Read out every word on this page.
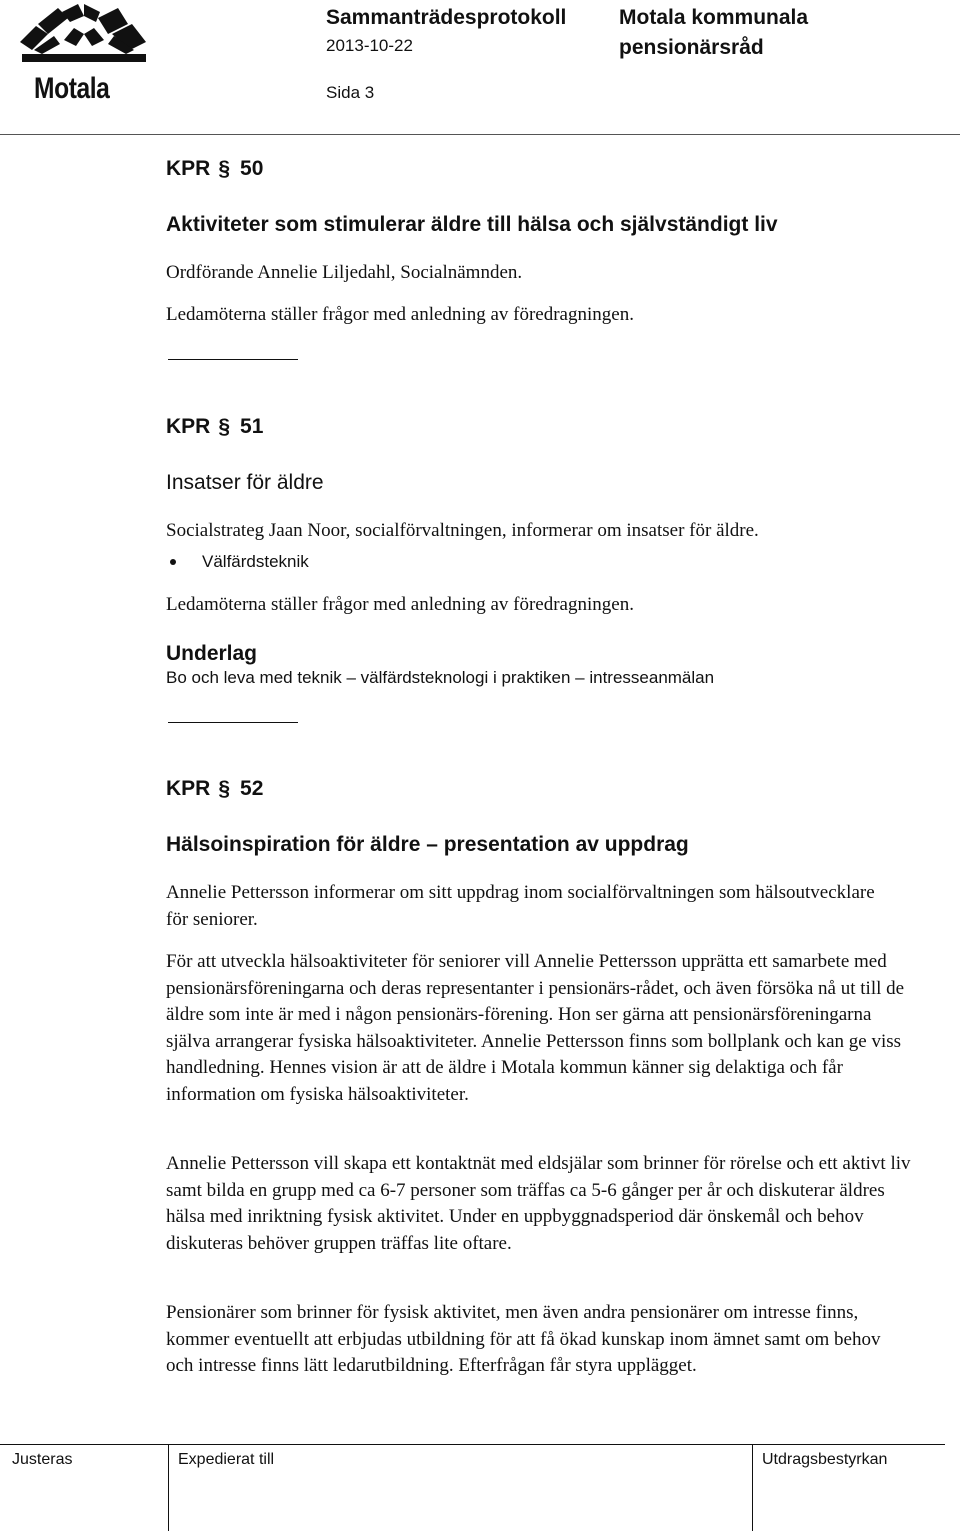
Motala
Sammanträdesprotokoll
2013-10-22
Sida 3
Motala kommunala
pensionärsråd
KPR § 50
Aktiviteter som stimulerar äldre till hälsa och självständigt liv
Ordförande Annelie Liljedahl, Socialnämnden.
Ledamöterna ställer frågor med anledning av föredragningen.
KPR § 51
Insatser för äldre
Socialstrateg Jaan Noor, socialförvaltningen, informerar om insatser för äldre.
Välfärdsteknik
Ledamöterna ställer frågor med anledning av föredragningen.
Underlag
Bo och leva med teknik – välfärdsteknologi i praktiken – intresseanmälan
KPR § 52
Hälsoinspiration för äldre – presentation av uppdrag
Annelie Pettersson informerar om sitt uppdrag inom socialförvaltningen som hälsoutvecklare för seniorer.
För att utveckla hälsoaktiviteter för seniorer vill Annelie Pettersson upprätta ett samarbete med pensionärsföreningarna och deras representanter i pensionärs-rådet, och även försöka nå ut till de äldre som inte är med i någon pensionärs-förening. Hon ser gärna att pensionärsföreningarna själva arrangerar fysiska hälsoaktiviteter. Annelie Pettersson finns som bollplank och kan ge viss handledning. Hennes vision är att de äldre i Motala kommun känner sig delaktiga och får information om fysiska hälsoaktiviteter.
Annelie Pettersson vill skapa ett kontaktnät med eldsjälar som brinner för rörelse och ett aktivt liv samt bilda en grupp med ca 6-7 personer som träffas ca 5-6 gånger per år och diskuterar äldres hälsa med inriktning fysisk aktivitet. Under en uppbyggnadsperiod där önskemål och behov diskuteras behöver gruppen träffas lite oftare.
Pensionärer som brinner för fysisk aktivitet, men även andra pensionärer om intresse finns, kommer eventuellt att erbjudas utbildning för att få ökad kunskap inom ämnet samt om behov och intresse finns lätt ledarutbildning. Efterfrågan får styra upplägget.
Justeras	Expedierat till	Utdragsbestyrkan
